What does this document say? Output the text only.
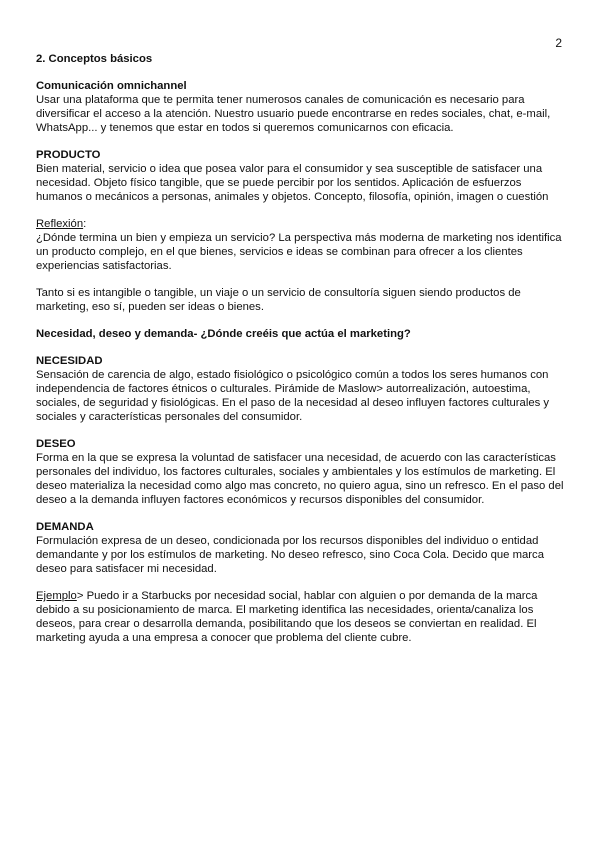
2
2. Conceptos básicos
Comunicación omnichannel
Usar una plataforma que te permita tener numerosos canales de comunicación es necesario para diversificar el acceso a la atención. Nuestro usuario puede encontrarse en redes sociales, chat, e-mail, WhatsApp... y tenemos que estar en todos si queremos comunicarnos con eficacia.
PRODUCTO
Bien material, servicio o idea que posea valor para el consumidor y sea susceptible de satisfacer una necesidad. Objeto físico tangible, que se puede percibir por los sentidos. Aplicación de esfuerzos humanos o mecánicos a personas, animales y objetos. Concepto, filosofía, opinión, imagen o cuestión
Reflexión:
¿Dónde termina un bien y empieza un servicio? La perspectiva más moderna de marketing nos identifica un producto complejo, en el que bienes, servicios e ideas se combinan para ofrecer a los clientes experiencias satisfactorias.
Tanto si es intangible o tangible, un viaje o un servicio de consultoría siguen siendo productos de marketing, eso sí, pueden ser ideas o bienes.
Necesidad, deseo y demanda- ¿Dónde creéis que actúa el marketing?
NECESIDAD
Sensación de carencia de algo, estado fisiológico o psicológico común a todos los seres humanos con independencia de factores étnicos o culturales. Pirámide de Maslow> autorrealización, autoestima, sociales, de seguridad y fisiológicas. En el paso de la necesidad al deseo influyen factores culturales y sociales y características personales del consumidor.
DESEO
Forma en la que se expresa la voluntad de satisfacer una necesidad, de acuerdo con las características personales del individuo, los factores culturales, sociales y ambientales y los estímulos de marketing. El deseo materializa la necesidad como algo mas concreto, no quiero agua, sino un refresco. En el paso del deseo a la demanda influyen factores económicos y recursos disponibles del consumidor.
DEMANDA
Formulación expresa de un deseo, condicionada por los recursos disponibles del individuo o entidad demandante y por los estímulos de marketing. No deseo refresco, sino Coca Cola. Decido que marca deseo para satisfacer mi necesidad.
Ejemplo> Puedo ir a Starbucks por necesidad social, hablar con alguien o por demanda de la marca debido a su posicionamiento de marca. El marketing identifica las necesidades, orienta/canaliza los deseos, para crear o desarrolla demanda, posibilitando que los deseos se conviertan en realidad. El marketing ayuda a una empresa a conocer que problema del cliente cubre.
